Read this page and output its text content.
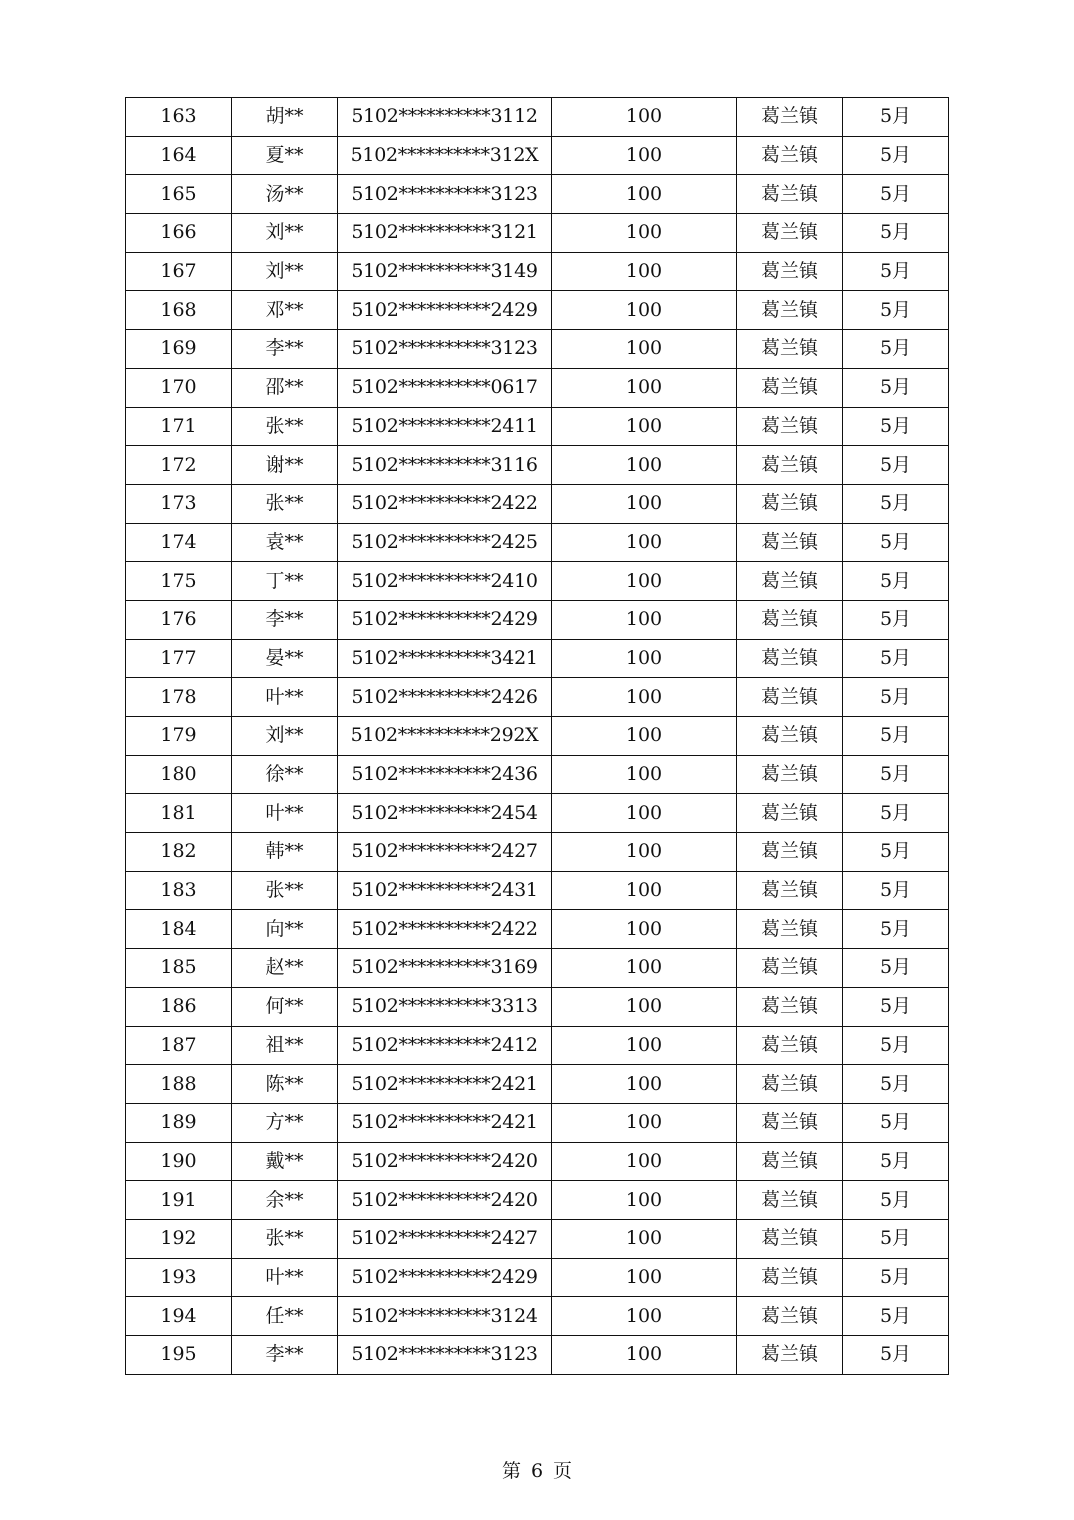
163	胡**	5102**********3112	100	葛兰镇	5月
164	夏**	5102**********312X	100	葛兰镇	5月
165	汤**	5102**********3123	100	葛兰镇	5月
166	刘**	5102**********3121	100	葛兰镇	5月
167	刘**	5102**********3149	100	葛兰镇	5月
168	邓**	5102**********2429	100	葛兰镇	5月
169	李**	5102**********3123	100	葛兰镇	5月
170	邵**	5102**********0617	100	葛兰镇	5月
171	张**	5102**********2411	100	葛兰镇	5月
172	谢**	5102**********3116	100	葛兰镇	5月
173	张**	5102**********2422	100	葛兰镇	5月
174	袁**	5102**********2425	100	葛兰镇	5月
175	丁**	5102**********2410	100	葛兰镇	5月
176	李**	5102**********2429	100	葛兰镇	5月
177	晏**	5102**********3421	100	葛兰镇	5月
178	叶**	5102**********2426	100	葛兰镇	5月
179	刘**	5102**********292X	100	葛兰镇	5月
180	徐**	5102**********2436	100	葛兰镇	5月
181	叶**	5102**********2454	100	葛兰镇	5月
182	韩**	5102**********2427	100	葛兰镇	5月
183	张**	5102**********2431	100	葛兰镇	5月
184	向**	5102**********2422	100	葛兰镇	5月
185	赵**	5102**********3169	100	葛兰镇	5月
186	何**	5102**********3313	100	葛兰镇	5月
187	祖**	5102**********2412	100	葛兰镇	5月
188	陈**	5102**********2421	100	葛兰镇	5月
189	方**	5102**********2421	100	葛兰镇	5月
190	戴**	5102**********2420	100	葛兰镇	5月
191	余**	5102**********2420	100	葛兰镇	5月
192	张**	5102**********2427	100	葛兰镇	5月
193	叶**	5102**********2429	100	葛兰镇	5月
194	任**	5102**********3124	100	葛兰镇	5月
195	李**	5102**********3123	100	葛兰镇	5月
第 6 页
